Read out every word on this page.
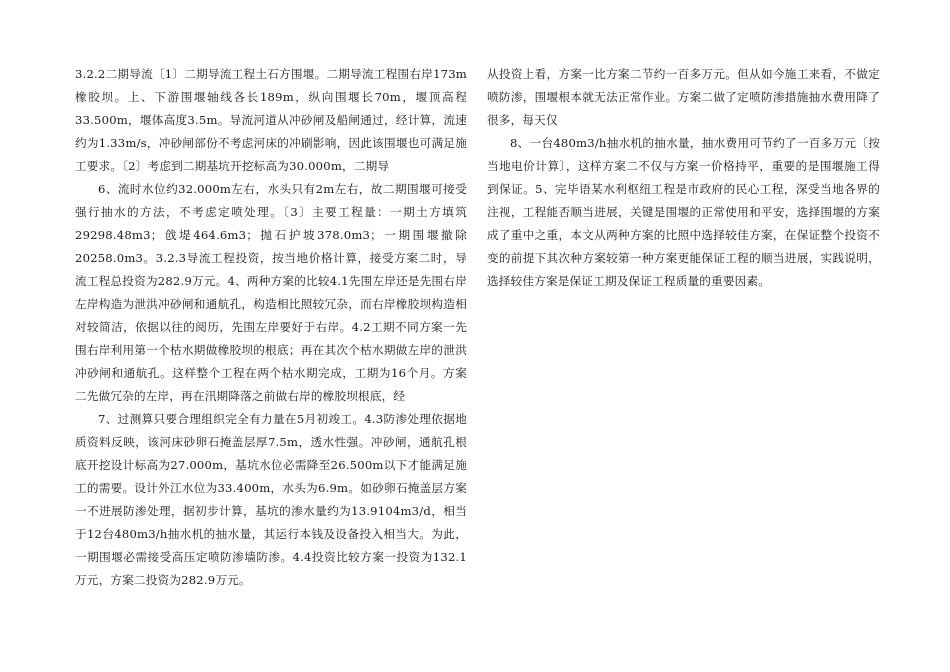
3.2.2二期导流〔1〕二期导流工程土石方围堰。二期导流工程围右岸173m橡胶坝。上、下游围堰轴线各长189m，纵向围堰长70m，堰顶高程33.500m，堰体高度3.5m。导流河道从冲砂闸及船闸通过，经计算，流速约为1.33m/s，冲砂闸部份不考虑河床的冲刷影响，因此该围堰也可满足施工要求。〔2〕考虑到二期基坑开挖标高为30.000m，二期导

6、流时水位约32.000m左右，水头只有2m左右，故二期围堰可接受强行抽水的方法，不考虑定喷处理。〔3〕主要工程量：一期土方填筑29298.48m3；戗堤464.6m3；抛石护坡378.0m3；一期围堰撤除20258.0m3。3.2.3导流工程投资，按当地价格计算，接受方案二时，导流工程总投资为282.9万元。4、两种方案的比较4.1先围左岸还是先围右岸左岸构造为泄洪冲砂闸和通航孔，构造相比照较冗杂，而右岸橡胶坝构造相对较简洁，依据以往的阅历，先围左岸要好于右岸。4.2工期不同方案一先围右岸利用第一个枯水期做橡胶坝的根底；再在其次个枯水期做左岸的泄洪冲砂闸和通航孔。这样整个工程在两个枯水期完成，工期为16个月。方案二先做冗杂的左岸，再在汛期降落之前做右岸的橡胶坝根底，经

7、过测算只要合理组织完全有力量在5月初竣工。4.3防渗处理依据地质资料反映，该河床砂卵石掩盖层厚7.5m，透水性强。冲砂闸，通航孔根底开挖设计标高为27.000m，基坑水位必需降至26.500m以下才能满足施工的需要。设计外江水位为33.400m，水头为6.9m。如砂卵石掩盖层方案一不进展防渗处理，据初步计算，基坑的渗水量约为13.9104m3/d，相当于12台480m3/h抽水机的抽水量，其运行本钱及设备投入相当大。为此，一期围堰必需接受高压定喷防渗墙防渗。4.4投资比较方案一投资为132.1万元，方案二投资为282.9万元。

从投资上看，方案一比方案二节约一百多万元。但从如今施工来看，不做定喷防渗，围堰根本就无法正常作业。方案二做了定喷防渗措施抽水费用降了很多，每天仅

8、一台480m3/h抽水机的抽水量，抽水费用可节约了一百多万元〔按当地电价计算〕，这样方案二不仅与方案一价格持平，重要的是围堰施工得到保证。5、完毕语某水利枢纽工程是市政府的民心工程，深受当地各界的注视，工程能否顺当进展，关键是围堰的正常使用和平安，选择围堰的方案成了重中之重，本文从两种方案的比照中选择较佳方案，在保证整个投资不变的前提下其次种方案较第一种方案更能保证工程的顺当进展，实践说明，选择较佳方案是保证工期及保证工程质量的重要因素。
